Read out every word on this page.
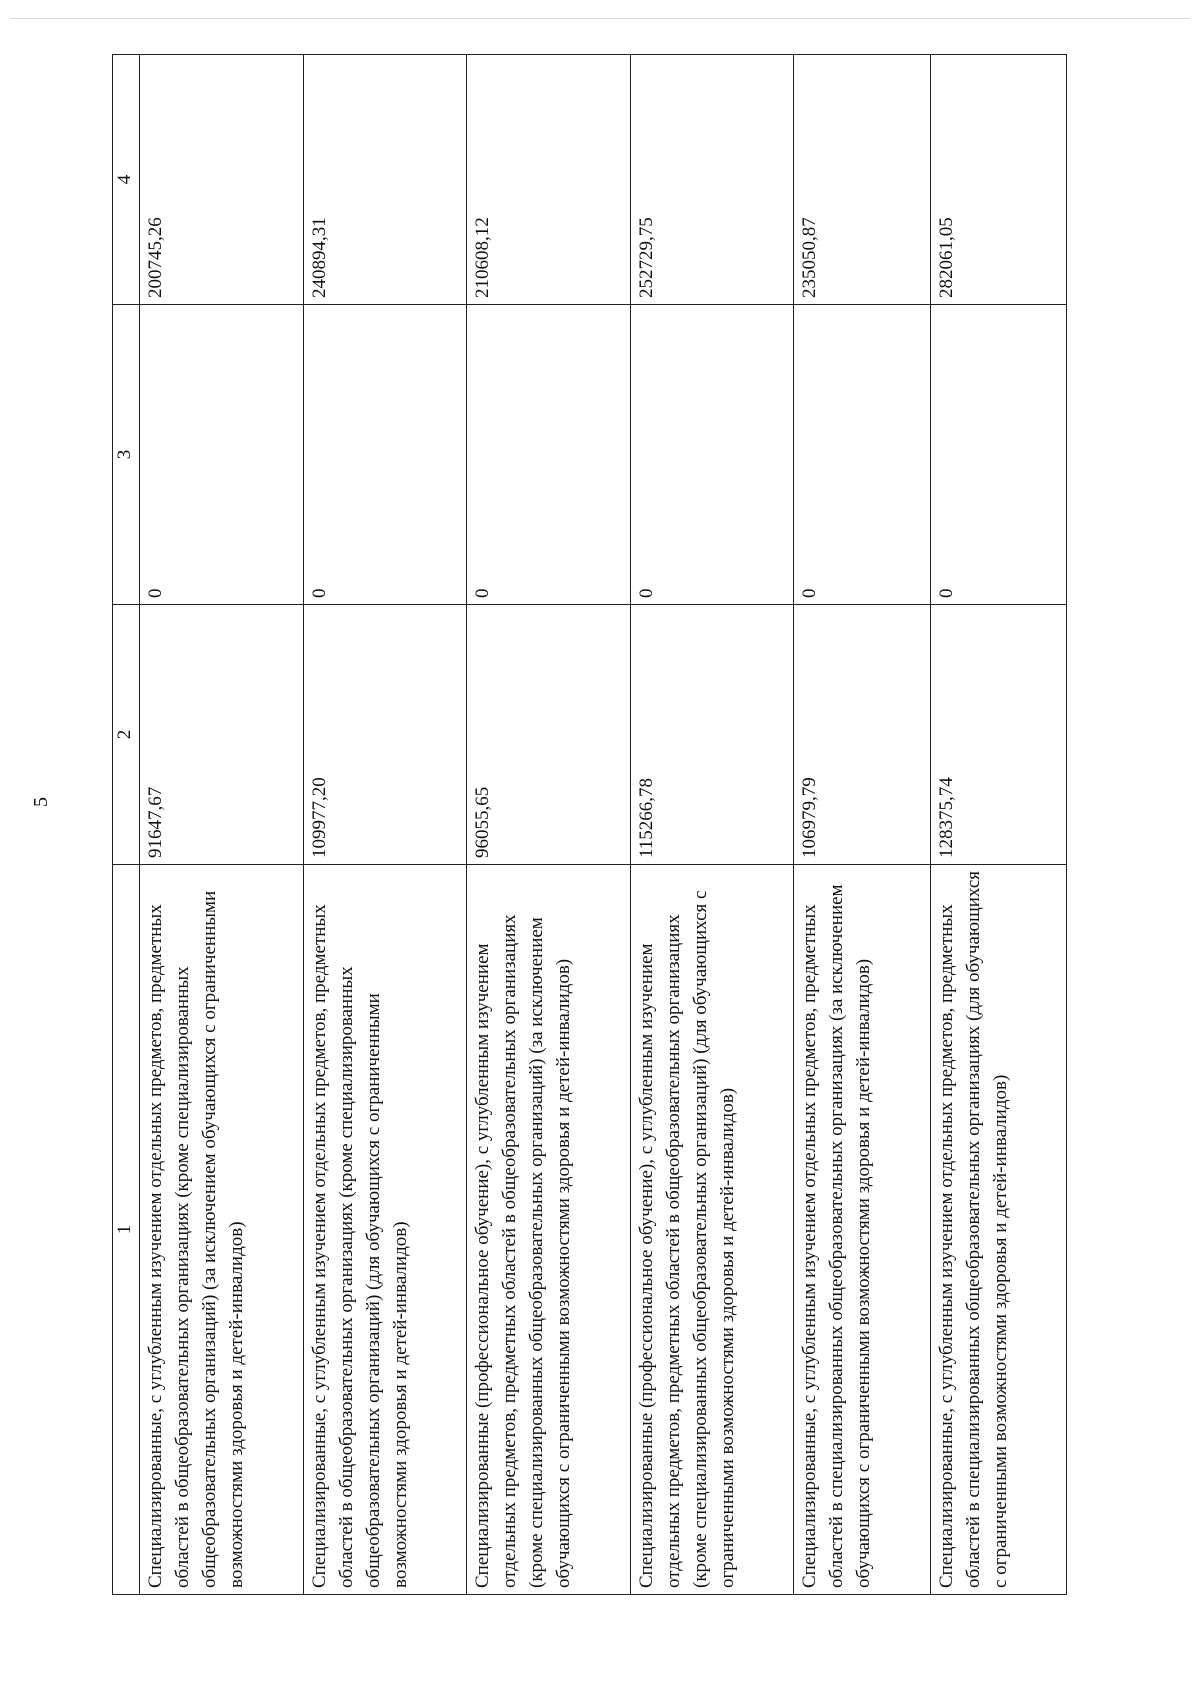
5
1	2	3	4
Специализированные, с углубленным изучением отдельных предметов, предметных областей в общеобразовательных организациях (кроме специализированных общеобразовательных организаций) (за исключением обучающихся с ограниченными возможностями здоровья и детей-инвалидов)	91647,67	0	200745,26
Специализированные, с углубленным изучением отдельных предметов, предметных областей в общеобразовательных организациях (кроме специализированных общеобразовательных организаций) (для обучающихся с ограниченными возможностями здоровья и детей-инвалидов)	109977,20	0	240894,31
Специализированные (профессиональное обучение), с углубленным изучением отдельных предметов, предметных областей в общеобразовательных организациях (кроме специализированных общеобразовательных организаций) (за исключением обучающихся с ограниченными возможностями здоровья и детей-инвалидов)	96055,65	0	210608,12
Специализированные (профессиональное обучение), с углубленным изучением отдельных предметов, предметных областей в общеобразовательных организациях (кроме специализированных общеобразовательных организаций) (для обучающихся с ограниченными возможностями здоровья и детей-инвалидов)	115266,78	0	252729,75
Специализированные, с углубленным изучением отдельных предметов, предметных областей в специализированных общеобразовательных организациях (за исключением обучающихся с ограниченными возможностями здоровья и детей-инвалидов)	106979,79	0	235050,87
Специализированные, с углубленным изучением отдельных предметов, предметных областей в специализированных общеобразовательных организациях (для обучающихся с ограниченными возможностями здоровья и детей-инвалидов)	128375,74	0	282061,05
